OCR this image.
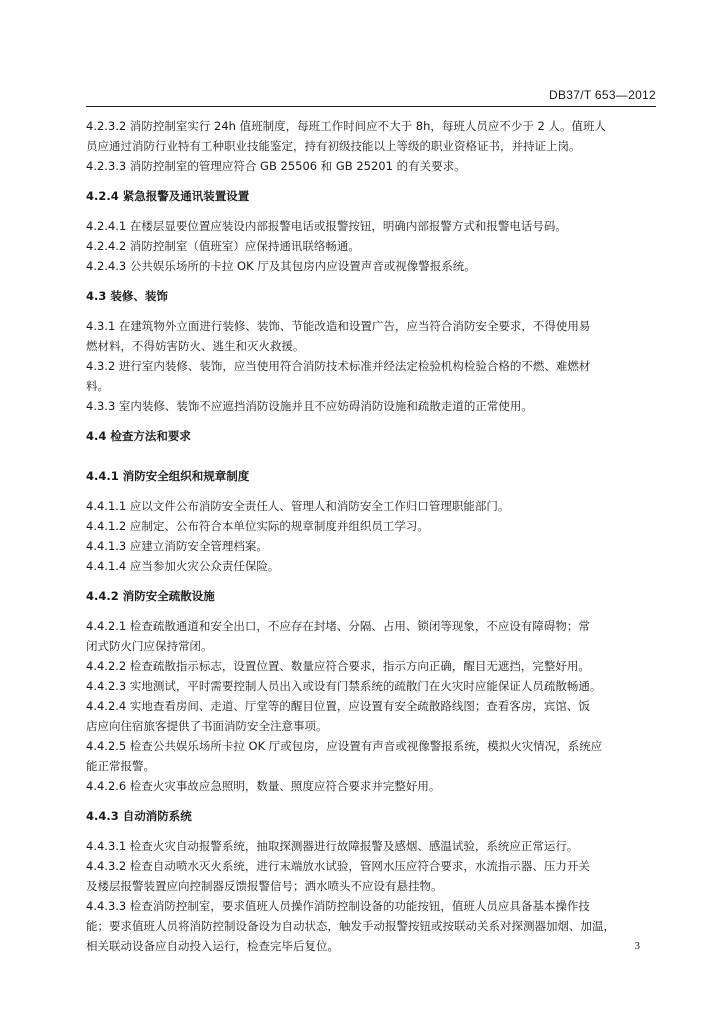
DB37/T 653—2012
4.2.3.2 消防控制室实行 24h 值班制度，每班工作时间应不大于 8h，每班人员应不少于 2 人。值班人
员应通过消防行业特有工种职业技能鉴定，持有初级技能以上等级的职业资格证书，并持证上岗。
4.2.3.3 消防控制室的管理应符合 GB 25506 和 GB 25201 的有关要求。
4.2.4 紧急报警及通讯装置设置
4.2.4.1 在楼层显要位置应装设内部报警电话或报警按钮，明确内部报警方式和报警电话号码。
4.2.4.2 消防控制室（值班室）应保持通讯联络畅通。
4.2.4.3 公共娱乐场所的卡拉 OK 厅及其包房内应设置声音或视像警报系统。
4.3 装修、装饰
4.3.1 在建筑物外立面进行装修、装饰、节能改造和设置广告，应当符合消防安全要求，不得使用易
燃材料，不得妨害防火、逃生和灭火救援。
4.3.2 进行室内装修、装饰，应当使用符合消防技术标准并经法定检验机构检验合格的不燃、难燃材
料。
4.3.3 室内装修、装饰不应遮挡消防设施并且不应妨碍消防设施和疏散走道的正常使用。
4.4 检查方法和要求
4.4.1 消防安全组织和规章制度
4.4.1.1 应以文件公布消防安全责任人、管理人和消防安全工作归口管理职能部门。
4.4.1.2 应制定、公布符合本单位实际的规章制度并组织员工学习。
4.4.1.3 应建立消防安全管理档案。
4.4.1.4 应当参加火灾公众责任保险。
4.4.2 消防安全疏散设施
4.4.2.1 检查疏散通道和安全出口，不应存在封堵、分隔、占用、锁闭等现象，不应设有障碍物；常
闭式防火门应保持常闭。
4.4.2.2 检查疏散指示标志，设置位置、数量应符合要求，指示方向正确，醒目无遮挡，完整好用。
4.4.2.3 实地测试，平时需要控制人员出入或设有门禁系统的疏散门在火灾时应能保证人员疏散畅通。
4.4.2.4 实地查看房间、走道、厅堂等的醒目位置，应设置有安全疏散路线图；查看客房，宾馆、饭
店应向住宿旅客提供了书面消防安全注意事项。
4.4.2.5 检查公共娱乐场所卡拉 OK 厅或包房，应设置有声音或视像警报系统，模拟火灾情况，系统应
能正常报警。
4.4.2.6 检查火灾事故应急照明，数量、照度应符合要求并完整好用。
4.4.3 自动消防系统
4.4.3.1 检查火灾自动报警系统，抽取探测器进行故障报警及感烟、感温试验，系统应正常运行。
4.4.3.2 检查自动喷水灭火系统，进行末端放水试验，管网水压应符合要求，水流指示器、压力开关
及楼层报警装置应向控制器反馈报警信号；洒水喷头不应设有悬挂物。
4.4.3.3 检查消防控制室，要求值班人员操作消防控制设备的功能按钮，值班人员应具备基本操作技
能；要求值班人员将消防控制设备设为自动状态，触发手动报警按钮或按联动关系对探测器加烟、加温，
相关联动设备应自动投入运行，检查完毕后复位。	3
